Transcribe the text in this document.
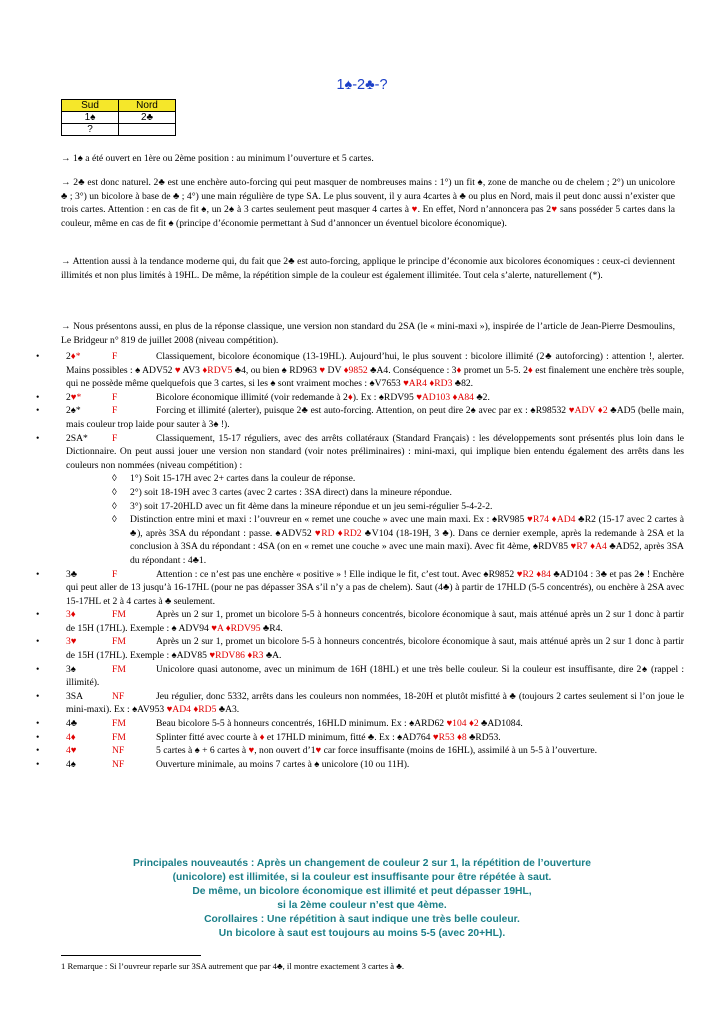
1♠-2♣-?
Sud	Nord
1♠	2♣
?	
→ 1♠ a été ouvert en 1ère ou 2ème position : au minimum l’ouverture et 5 cartes.
→ 2♣ est donc naturel. 2♣ est une enchère auto-forcing qui peut masquer de nombreuses mains : 1°) un fit ♠, zone de manche ou de chelem ; 2°) un unicolore ♣ ; 3°) un bicolore à base de ♣ ; 4°) une main régulière de type SA. Le plus souvent, il y aura 4cartes à ♣ ou plus en Nord, mais il peut donc aussi n’exister que trois cartes. Attention : en cas de fit ♠, un 2♠ à 3 cartes seulement peut masquer 4 cartes à ♥. En effet, Nord n’annoncera pas 2♥ sans posséder 5 cartes dans la couleur, même en cas de fit ♠ (principe d’économie permettant à Sud d’annoncer un éventuel bicolore économique).
→ Attention aussi à la tendance moderne qui, du fait que 2♣ est auto-forcing, applique le principe d’économie aux bicolores économiques : ceux-ci deviennent illimités et non plus limités à 19HL. De même, la répétition simple de la couleur est également illimitée. Tout cela s’alerte, naturellement (*).
→ Nous présentons aussi, en plus de la réponse classique, une version non standard du 2SA (le « mini-maxi »), inspirée de l’article de Jean-Pierre Desmoulins, Le Bridgeur n° 819 de juillet 2008 (niveau compétition).
•	2♦*	F	Classiquement, bicolore économique (13-19HL). Aujourd’hui, le plus souvent : bicolore illimité (2♣ autoforcing) : attention !, alerter. Mains possibles : ♠ ADV52 ♥ AV3 ♦RDV5 ♣4, ou bien ♠ RD963 ♥ DV ♦9852 ♣A4. Conséquence : 3♦ promet un 5-5. 2♦ est finalement une enchère très souple, qui ne possède même quelquefois que 3 cartes, si les ♠ sont vraiment moches : ♠V7653 ♥AR4 ♦RD3 ♣82.
•	2♥*	F	Bicolore économique illimité (voir redemande à 2♦). Ex : ♠RDV95 ♥AD103 ♦A84 ♣2.
•	2♠*	F	Forcing et illimité (alerter), puisque 2♣ est auto-forcing. Attention, on peut dire 2♠ avec par ex : ♠R98532 ♥ADV ♦2 ♣AD5 (belle main, mais couleur trop laide pour sauter à 3♠ !).
•	2SA*	F	Classiquement, 15-17 réguliers, avec des arrêts collatéraux (Standard Français) : les développements sont présentés plus loin dans le Dictionnaire. On peut aussi jouer une version non standard (voir notes préliminaires) : mini-maxi, qui implique bien entendu également des arrêts dans les couleurs non nommées (niveau compétition) :
◊ 1°) Soit 15-17H avec 2+ cartes dans la couleur de réponse.
◊ 2°) soit 18-19H avec 3 cartes (avec 2 cartes : 3SA direct) dans la mineure répondue.
◊ 3°) soit 17-20HLD avec un fit 4ème dans la mineure répondue et un jeu semi-régulier 5-4-2-2.
◊ Distinction entre mini et maxi : l’ouvreur en « remet une couche » avec une main maxi. Ex : ♠RV985 ♥R74 ♦AD4 ♣R2 (15-17 avec 2 cartes à ♣), après 3SA du répondant : passe. ♠ADV52 ♥RD ♦RD2 ♣V104 (18-19H, 3 ♣). Dans ce dernier exemple, après la redemande à 2SA et la conclusion à 3SA du répondant : 4SA (on en « remet une couche » avec une main maxi). Avec fit 4ème, ♠RDV85 ♥R7 ♦A4 ♣AD52, après 3SA du répondant : 4♣1.
•	3♣	F	Attention : ce n’est pas une enchère « positive » ! Elle indique le fit, c’est tout. Avec ♠R9852 ♥R2 ♦84 ♣AD104 : 3♣ et pas 2♠ ! Enchère qui peut aller de 13 jusqu’à 16-17HL (pour ne pas dépasser 3SA s’il n’y a pas de chelem). Saut (4♣) à partir de 17HLD (5-5 concentrés), ou enchère à 2SA avec 15-17HL et 2 à 4 cartes à ♣ seulement.
•	3♦	FM	Après un 2 sur 1, promet un bicolore 5-5 à honneurs concentrés, bicolore économique à saut, mais atténué après un 2 sur 1 donc à partir de 15H (17HL). Exemple : ♠ ADV94 ♥A ♦RDV95 ♣R4.
•	3♥	FM	Après un 2 sur 1, promet un bicolore 5-5 à honneurs concentrés, bicolore économique à saut, mais atténué après un 2 sur 1 donc à partir de 15H (17HL). Exemple : ♠ADV85 ♥RDV86 ♦R3 ♣A.
•	3♠	FM	Unicolore quasi autonome, avec un minimum de 16H (18HL) et une très belle couleur. Si la couleur est insuffisante, dire 2♠ (rappel : illimité).
•	3SA	NF	Jeu régulier, donc 5332, arrêts dans les couleurs non nommées, 18-20H et plutôt misfitté à ♣ (toujours 2 cartes seulement si l’on joue le mini-maxi). Ex : ♠AV953 ♥AD4 ♦RD5 ♣A3.
•	4♣	FM	Beau bicolore 5-5 à honneurs concentrés, 16HLD minimum. Ex : ♠ARD62 ♥104 ♦2 ♣AD1084.
•	4♦	FM	Splinter fitté avec courte à ♦ et 17HLD minimum, fitté ♣. Ex : ♠AD764 ♥R53 ♦8 ♣RD53.
•	4♥	NF	5 cartes à ♠ + 6 cartes à ♥, non ouvert d’1♥ car force insuffisante (moins de 16HL), assimilé à un 5-5 à l’ouverture.
•	4♠	NF	Ouverture minimale, au moins 7 cartes à ♠ unicolore (10 ou 11H).
Principales nouveautés : Après un changement de couleur 2 sur 1, la répétition de l’ouverture
(unicolore) est illimitée, si la couleur est insuffisante pour être répétée à saut.
De même, un bicolore économique est illimité et peut dépasser 19HL,
si la 2ème couleur n’est que 4ème.
Corollaires : Une répétition à saut indique une très belle couleur.
Un bicolore à saut est toujours au moins 5-5 (avec 20+HL).
1 Remarque : Si l’ouvreur reparle sur 3SA autrement que par 4♣, il montre exactement 3 cartes à ♣.
